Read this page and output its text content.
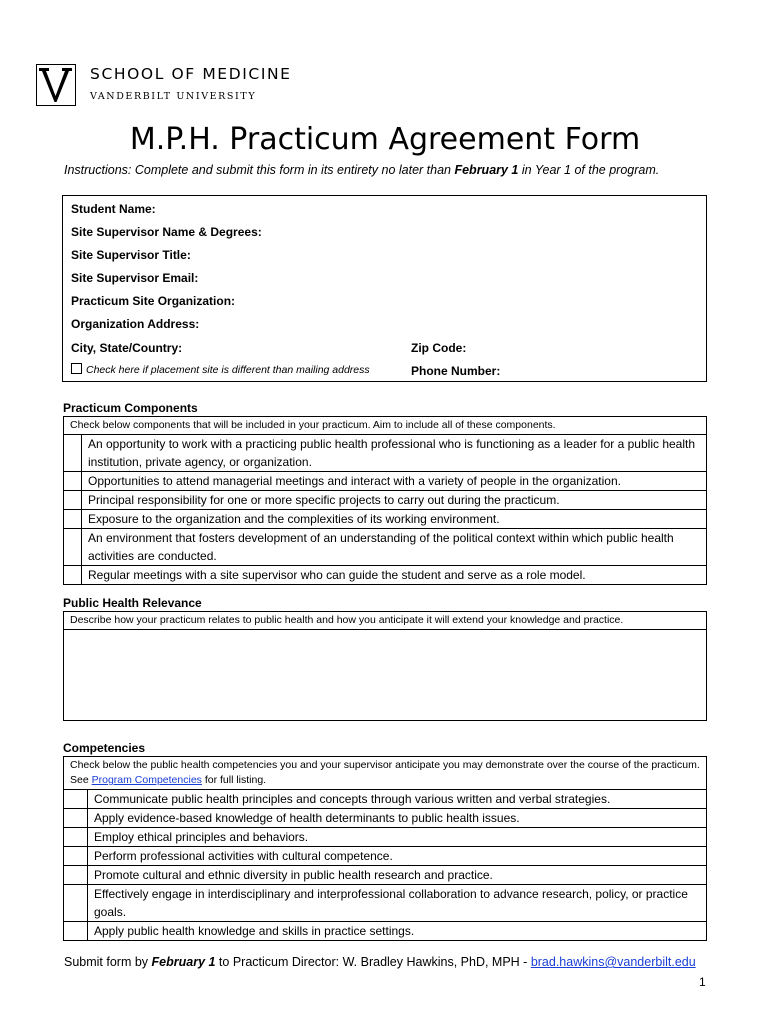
SCHOOL OF MEDICINE
VANDERBILT UNIVERSITY
M.P.H. Practicum Agreement Form
Instructions: Complete and submit this form in its entirety no later than February 1 in Year 1 of the program.
Student Name:
Site Supervisor Name & Degrees:
Site Supervisor Title:
Site Supervisor Email:
Practicum Site Organization:
Organization Address:
City, State/Country:	Zip Code:
Check here if placement site is different than mailing address	Phone Number:
Practicum Components
Check below components that will be included in your practicum. Aim to include all of these components.	
	An opportunity to work with a practicing public health professional who is functioning as a leader for a public health institution, private agency, or organization.
	Opportunities to attend managerial meetings and interact with a variety of people in the organization.
	Principal responsibility for one or more specific projects to carry out during the practicum.
	Exposure to the organization and the complexities of its working environment.
	An environment that fosters development of an understanding of the political context within which public health activities are conducted.
	Regular meetings with a site supervisor who can guide the student and serve as a role model.
Public Health Relevance
Describe how your practicum relates to public health and how you anticipate it will extend your knowledge and practice.
Competencies
Check below the public health competencies you and your supervisor anticipate you may demonstrate over the course of the practicum. See Program Competencies for full listing.	
	Communicate public health principles and concepts through various written and verbal strategies.
	Apply evidence-based knowledge of health determinants to public health issues.
	Employ ethical principles and behaviors.
	Perform professional activities with cultural competence.
	Promote cultural and ethnic diversity in public health research and practice.
	Effectively engage in interdisciplinary and interprofessional collaboration to advance research, policy, or practice goals.
	Apply public health knowledge and skills in practice settings.
Submit form by February 1 to Practicum Director: W. Bradley Hawkins, PhD, MPH - brad.hawkins@vanderbilt.edu
1
